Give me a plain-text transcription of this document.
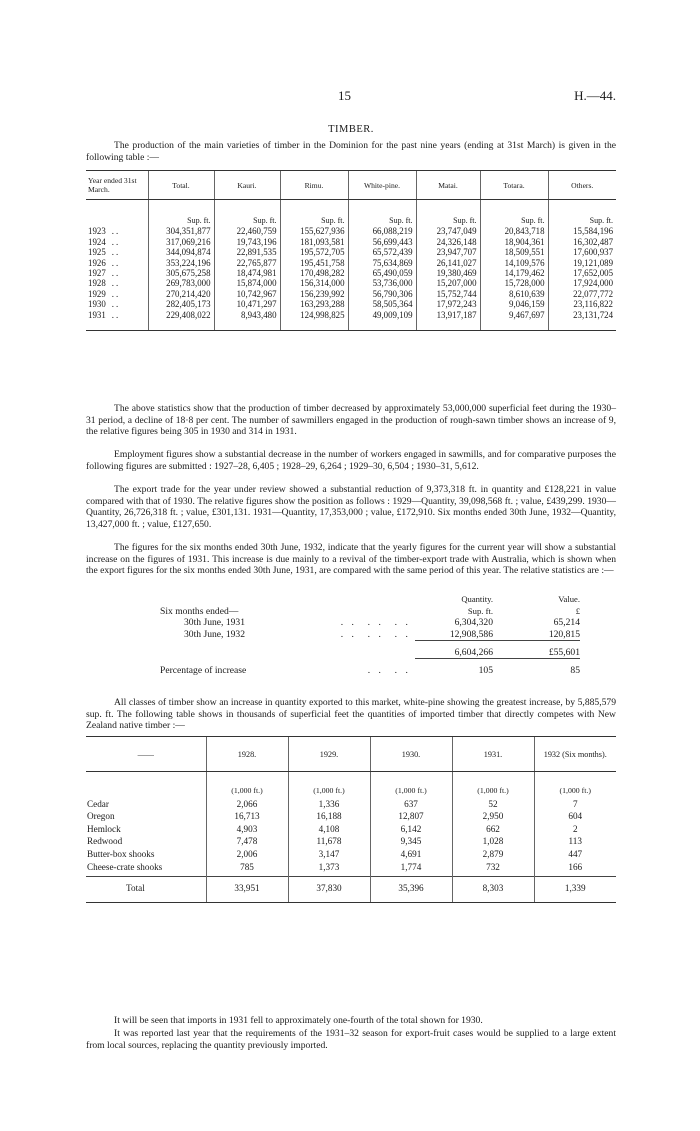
15	H.—44.
TIMBER.
The production of the main varieties of timber in the Dominion for the past nine years (ending at 31st March) is given in the following table :—
Year ended 31st March.	Total.	Kauri.	Rimu.	White-pine.	Matai.	Totara.	Others.
	Sup. ft.	Sup. ft.	Sup. ft.	Sup. ft.	Sup. ft.	Sup. ft.	Sup. ft.
1923 ..	304,351,877	22,460,759	155,627,936	66,088,219	23,747,049	20,843,718	15,584,196
1924 ..	317,069,216	19,743,196	181,093,581	56,699,443	24,326,148	18,904,361	16,302,487
1925 ..	344,094,874	22,891,535	195,572,705	65,572,439	23,947,707	18,509,551	17,600,937
1926 ..	353,224,196	22,765,877	195,451,758	75,634,869	26,141,027	14,109,576	19,121,089
1927 ..	305,675,258	18,474,981	170,498,282	65,490,059	19,380,469	14,179,462	17,652,005
1928 ..	269,783,000	15,874,000	156,314,000	53,736,000	15,207,000	15,728,000	17,924,000
1929 ..	270,214,420	10,742,967	156,239,992	56,790,306	15,752,744	8,610,639	22,077,772
1930 ..	282,405,173	10,471,297	163,293,288	58,505,364	17,972,243	9,046,159	23,116,822
1931 ..	229,408,022	8,943,480	124,998,825	49,009,109	13,917,187	9,467,697	23,131,724
The above statistics show that the production of timber decreased by approximately 53,000,000 superficial feet during the 1930–31 period, a decline of 18·8 per cent. The number of sawmillers engaged in the production of rough-sawn timber shows an increase of 9, the relative figures being 305 in 1930 and 314 in 1931.
Employment figures show a substantial decrease in the number of workers engaged in sawmills, and for comparative purposes the following figures are submitted : 1927–28, 6,405 ; 1928–29, 6,264 ; 1929–30, 6,504 ; 1930–31, 5,612.
The export trade for the year under review showed a substantial reduction of 9,373,318 ft. in quantity and £128,221 in value compared with that of 1930. The relative figures show the position as follows : 1929—Quantity, 39,098,568 ft. ; value, £439,299. 1930—Quantity, 26,726,318 ft. ; value, £301,131. 1931—Quantity, 17,353,000 ; value, £172,910. Six months ended 30th June, 1932—Quantity, 13,427,000 ft. ; value, £127,650.
The figures for the six months ended 30th June, 1932, indicate that the yearly figures for the current year will show a substantial increase on the figures of 1931. This increase is due mainly to a revival of the timber-export trade with Australia, which is shown when the export figures for the six months ended 30th June, 1931, are compared with the same period of this year. The relative statistics are :—
		Quantity.	Value.
Six months ended—		Sup. ft.	£
30th June, 1931	. .  . .  . .	6,304,320	65,214
30th June, 1932	. .  . .  . .	12,908,586	120,815

		6,604,266	£55,601

Percentage of increase	. .  . .	105	85
All classes of timber show an increase in quantity exported to this market, white-pine showing the greatest increase, by 5,885,579 sup. ft. The following table shows in thousands of superficial feet the quantities of imported timber that directly competes with New Zealand native timber :—
——	1928.	1929.	1930.	1931.	1932 (Six months).
	(1,000 ft.)	(1,000 ft.)	(1,000 ft.)	(1,000 ft.)	(1,000 ft.)
Cedar	2,066	1,336	637	52	7
Oregon	16,713	16,188	12,807	2,950	604
Hemlock	4,903	4,108	6,142	662	2
Redwood	7,478	11,678	9,345	1,028	113
Butter-box shooks	2,006	3,147	4,691	2,879	447
Cheese-crate shooks	785	1,373	1,774	732	166
Total	33,951	37,830	35,396	8,303	1,339
It will be seen that imports in 1931 fell to approximately one-fourth of the total shown for 1930.
It was reported last year that the requirements of the 1931–32 season for export-fruit cases would be supplied to a large extent from local sources, replacing the quantity previously imported.
